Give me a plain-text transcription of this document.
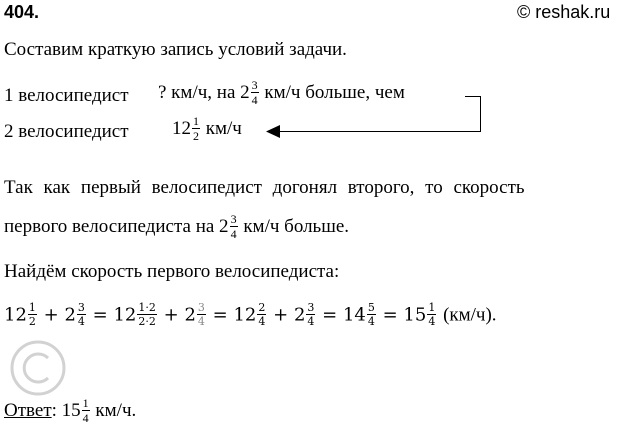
404.	© reshak.ru
Составим краткую запись условий задачи.
1 велосипедист ? км/ч, на $2 \frac{3}{4} км/ч$ больше, чем
2 велосипедист $12 \frac{1}{2} км/ч$
Так как первый велосипедист догонял второго, то скорость
первого велосипедиста на $2 \frac{3}{4} км/ч$ больше.
Найдём скорость первого велосипедиста:
$12 \frac{1}{2} + 2 \frac{3}{4} = 12 \frac{1\cdot 2}{2\cdot 2} + 2 \frac{3}{4} = 12 \frac{2}{4} + 2 \frac{3}{4} = 14 \frac{5}{4} = 15 \frac{1}{4} (км/ч)$.
Ответ: $15 \frac{1}{4} км/ч$.
